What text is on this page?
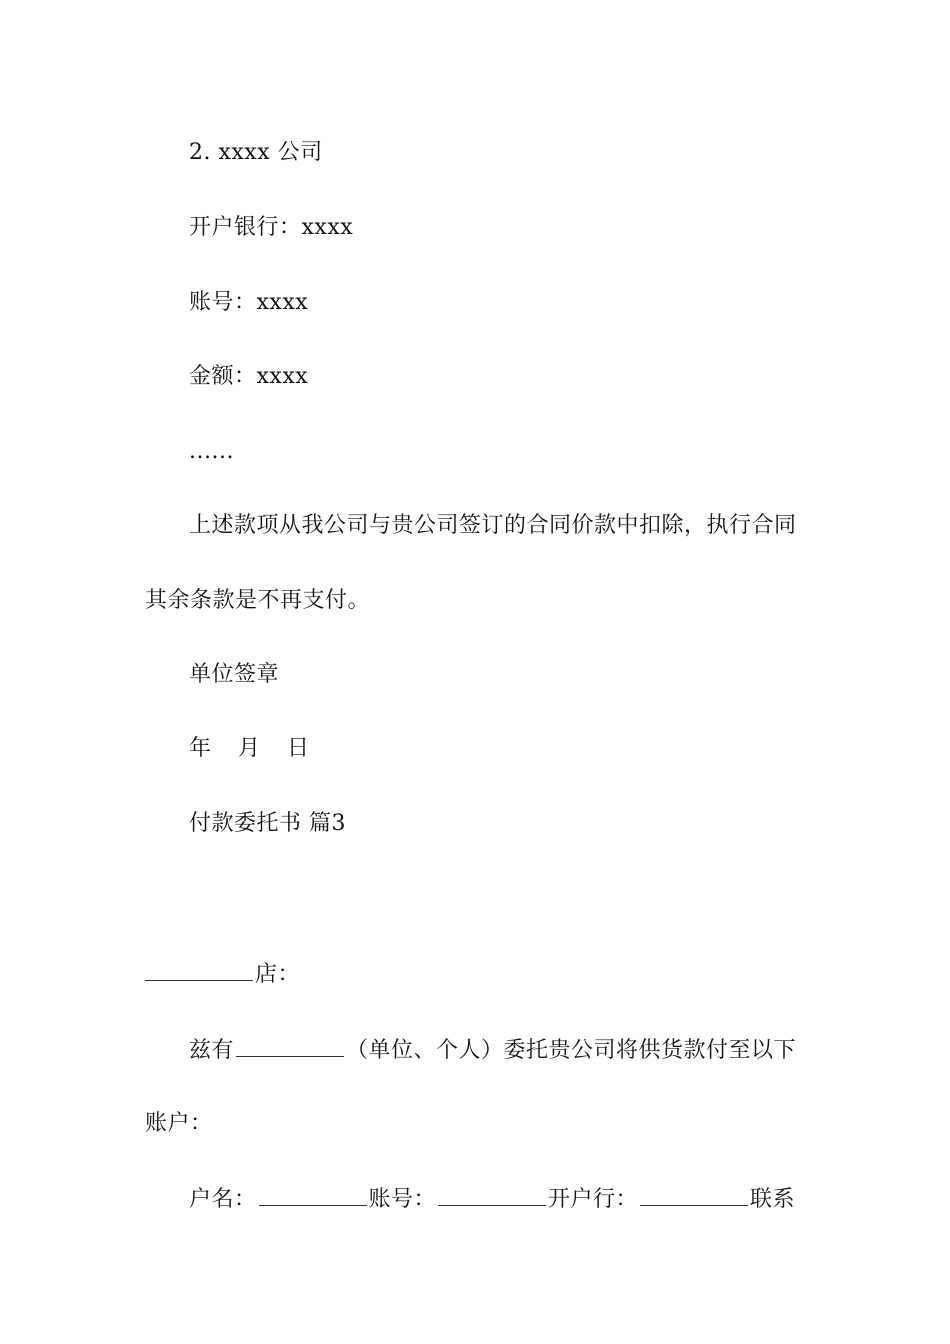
2. xxxx 公司
开户银行：xxxx
账号：xxxx
金额：xxxx
......
上述款项从我公司与贵公司签订的合同价款中扣除，执行合同
其余条款是不再支付。
单位签章
年 月 日
付款委托书 篇3
店：
兹有	（单位、个人）委托贵公司将供货款付至以下
账户：
户名：	账号：	开户行：	联系
